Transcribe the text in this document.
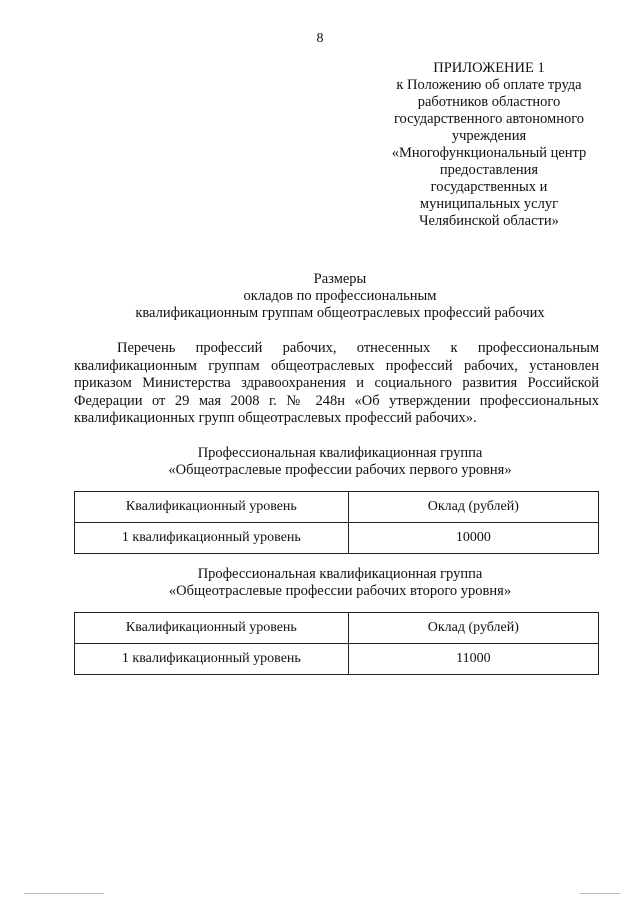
8
ПРИЛОЖЕНИЕ 1
к Положению об оплате труда
работников областного
государственного автономного
учреждения
«Многофункциональный центр
предоставления
государственных и
муниципальных услуг
Челябинской области»
Размеры
окладов по профессиональным
квалификационным группам общеотраслевых профессий рабочих
Перечень профессий рабочих, отнесенных к профессиональным
квалификационным группам общеотраслевых профессий рабочих, установлен
приказом Министерства здравоохранения и социального развития Российской
Федерации от 29 мая 2008 г. № 248н «Об утверждении профессиональных
квалификационных групп общеотраслевых профессий рабочих».
Профессиональная квалификационная группа
«Общеотраслевые профессии рабочих первого уровня»
Квалификационный уровень	Оклад (рублей)
1 квалификационный уровень	10000
Профессиональная квалификационная группа
«Общеотраслевые профессии рабочих второго уровня»
Квалификационный уровень	Оклад (рублей)
1 квалификационный уровень	11000
